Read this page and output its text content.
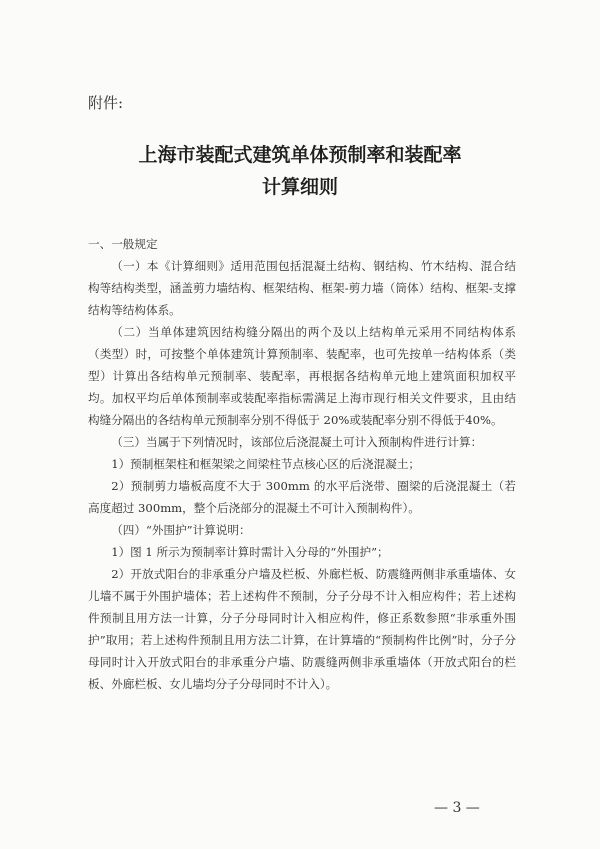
附件:
上海市装配式建筑单体预制率和装配率
计算细则

一、一般规定

（一）本《计算细则》适用范围包括混凝土结构、钢结构、竹木结构、混合结构等结构类型，涵盖剪力墙结构、框架结构、框架-剪力墙（筒体）结构、框架-支撑结构等结构体系。

（二）当单体建筑因结构缝分隔出的两个及以上结构单元采用不同结构体系（类型）时，可按整个单体建筑计算预制率、装配率，也可先按单一结构体系（类型）计算出各结构单元预制率、装配率，再根据各结构单元地上建筑面积加权平均。加权平均后单体预制率或装配率指标需满足上海市现行相关文件要求，且由结构缝分隔出的各结构单元预制率分别不得低于 20%或装配率分别不得低于40%。

（三）当属于下列情况时，该部位后浇混凝土可计入预制构件进行计算：

1）预制框架柱和框架梁之间梁柱节点核心区的后浇混凝土；

2）预制剪力墙板高度不大于 300mm 的水平后浇带、圈梁的后浇混凝土（若高度超过 300mm，整个后浇部分的混凝土不可计入预制构件）。

（四）“外围护”计算说明：

1）图 1 所示为预制率计算时需计入分母的“外围护”；

2）开放式阳台的非承重分户墙及栏板、外廊栏板、防震缝两侧非承重墙体、女儿墙不属于外围护墙体；若上述构件不预制，分子分母不计入相应构件；若上述构件预制且用方法一计算，分子分母同时计入相应构件，修正系数参照“非承重外围护”取用；若上述构件预制且用方法二计算，在计算墙的“预制构件比例”时，分子分母同时计入开放式阳台的非承重分户墙、防震缝两侧非承重墙体（开放式阳台的栏板、外廊栏板、女儿墙均分子分母同时不计入）。

— 3 —
